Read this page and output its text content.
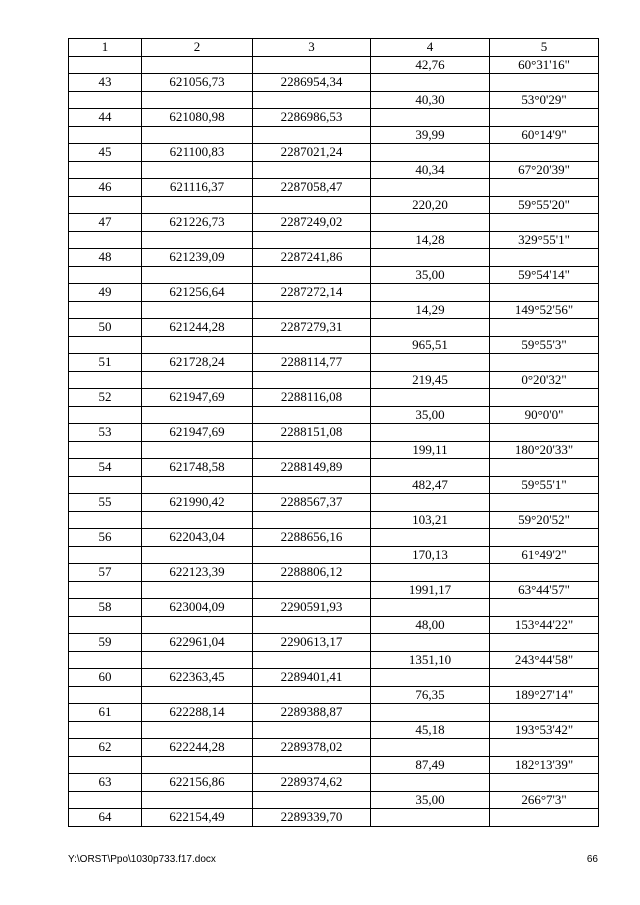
1	2	3	4	5
			42,76	60°31'16"
43	621056,73	2286954,34		
			40,30	53°0'29"
44	621080,98	2286986,53		
			39,99	60°14'9"
45	621100,83	2287021,24		
			40,34	67°20'39"
46	621116,37	2287058,47		
			220,20	59°55'20"
47	621226,73	2287249,02		
			14,28	329°55'1"
48	621239,09	2287241,86		
			35,00	59°54'14"
49	621256,64	2287272,14		
			14,29	149°52'56"
50	621244,28	2287279,31		
			965,51	59°55'3"
51	621728,24	2288114,77		
			219,45	0°20'32"
52	621947,69	2288116,08		
			35,00	90°0'0"
53	621947,69	2288151,08		
			199,11	180°20'33"
54	621748,58	2288149,89		
			482,47	59°55'1"
55	621990,42	2288567,37		
			103,21	59°20'52"
56	622043,04	2288656,16		
			170,13	61°49'2"
57	622123,39	2288806,12		
			1991,17	63°44'57"
58	623004,09	2290591,93		
			48,00	153°44'22"
59	622961,04	2290613,17		
			1351,10	243°44'58"
60	622363,45	2289401,41		
			76,35	189°27'14"
61	622288,14	2289388,87		
			45,18	193°53'42"
62	622244,28	2289378,02		
			87,49	182°13'39"
63	622156,86	2289374,62		
			35,00	266°7'3"
64	622154,49	2289339,70		
Y:\ORST\Ppo\1030p733.f17.docx	66
